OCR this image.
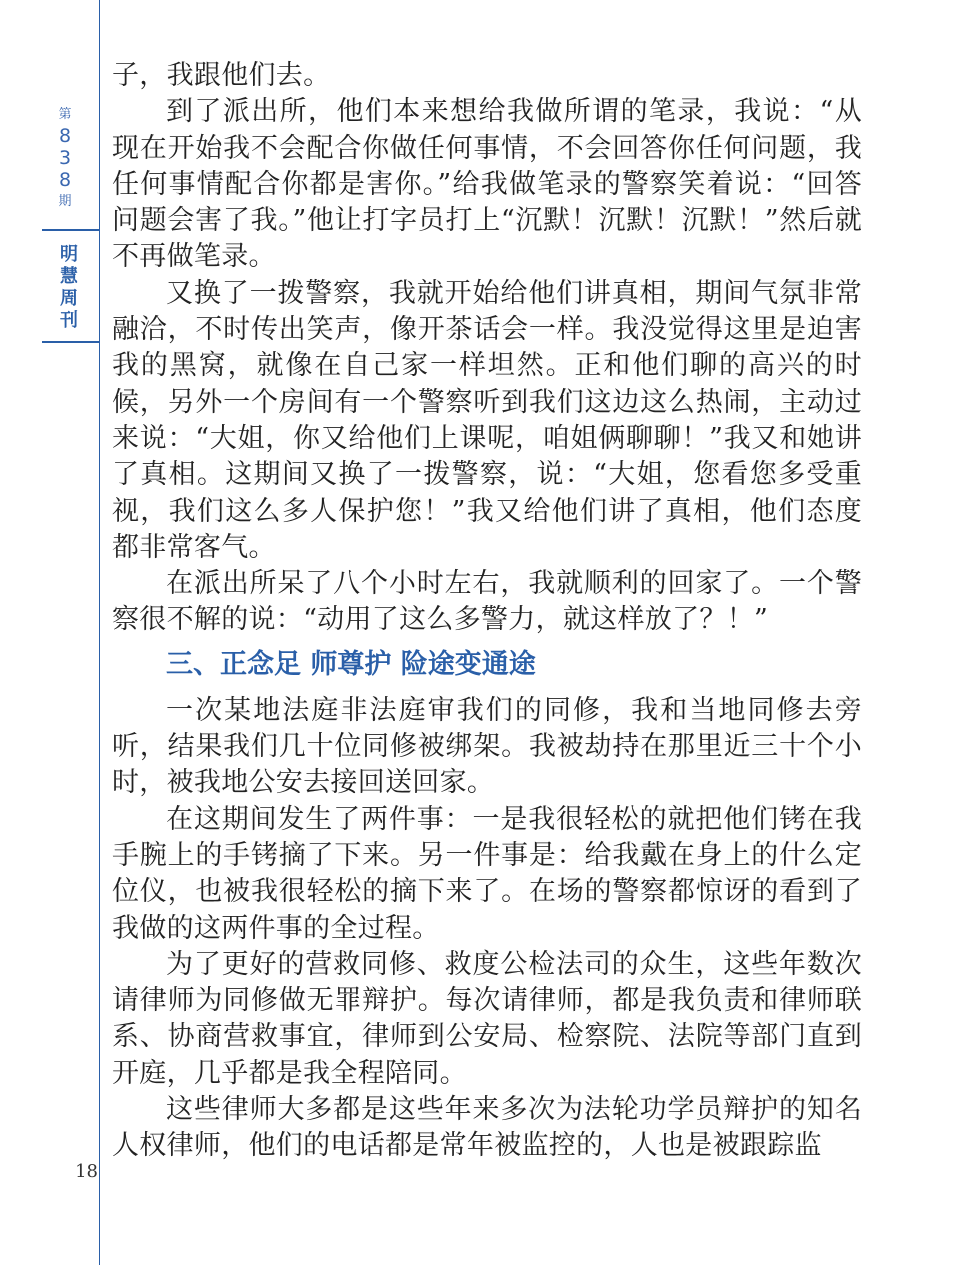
第
8
3
8
期
明
慧
周
刊
18

子，我跟他们去。

到了派出所，他们本来想给我做所谓的笔录，我说：“从现在开始我不会配合你做任何事情，不会回答你任何问题，我任何事情配合你都是害你。”给我做笔录的警察笑着说：“回答问题会害了我。”他让打字员打上“沉默！沉默！沉默！”然后就不再做笔录。

又换了一拨警察，我就开始给他们讲真相，期间气氛非常融洽，不时传出笑声，像开茶话会一样。我没觉得这里是迫害我的黑窝，就像在自己家一样坦然。正和他们聊的高兴的时候，另外一个房间有一个警察听到我们这边这么热闹，主动过来说：“大姐，你又给他们上课呢，咱姐俩聊聊！”我又和她讲了真相。这期间又换了一拨警察，说：“大姐，您看您多受重视，我们这么多人保护您！”我又给他们讲了真相，他们态度都非常客气。

在派出所呆了八个小时左右，我就顺利的回家了。一个警察很不解的说：“动用了这么多警力，就这样放了？！”

三、正念足 师尊护 险途变通途

一次某地法庭非法庭审我们的同修，我和当地同修去旁听，结果我们几十位同修被绑架。我被劫持在那里近三十个小时，被我地公安去接回送回家。

在这期间发生了两件事：一是我很轻松的就把他们铐在我手腕上的手铐摘了下来。另一件事是：给我戴在身上的什么定位仪，也被我很轻松的摘下来了。在场的警察都惊讶的看到了我做的这两件事的全过程。

为了更好的营救同修、救度公检法司的众生，这些年数次请律师为同修做无罪辩护。每次请律师，都是我负责和律师联系、协商营救事宜，律师到公安局、检察院、法院等部门直到开庭，几乎都是我全程陪同。

这些律师大多都是这些年来多次为法轮功学员辩护的知名人权律师，他们的电话都是常年被监控的，人也是被跟踪监
